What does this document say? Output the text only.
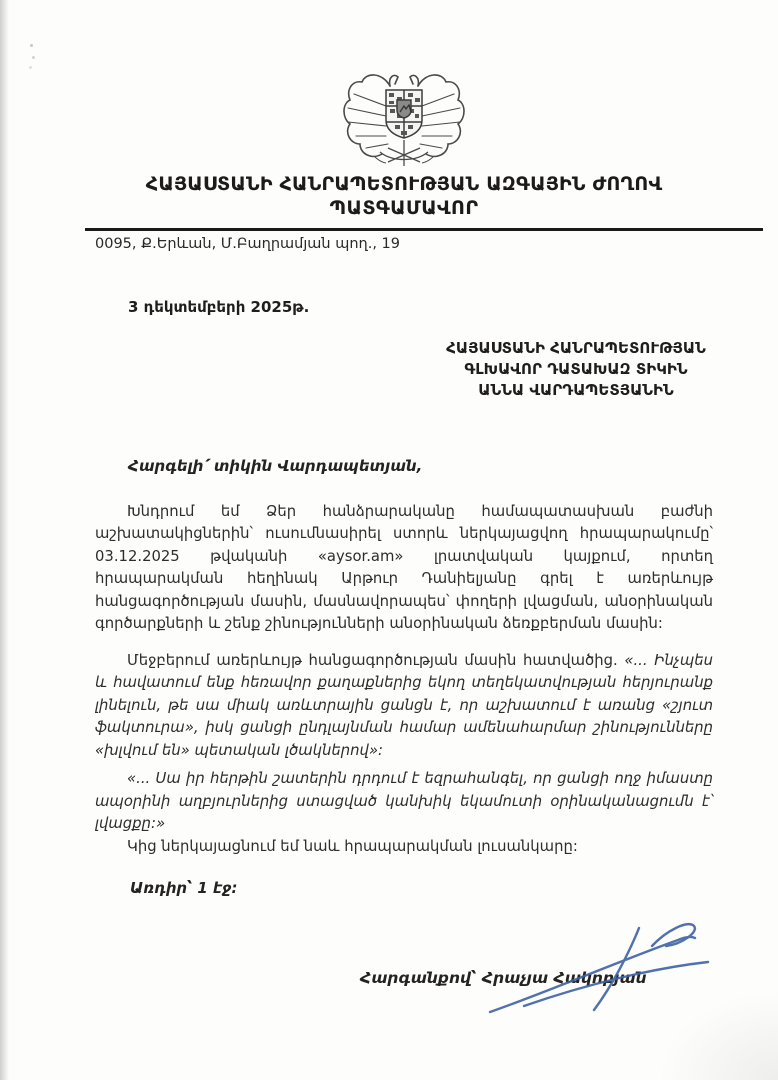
ՀԱՅԱՍՏԱՆԻ ՀԱՆՐԱՊԵՏՈՒԹՅԱՆ ԱԶԳԱՅԻՆ ԺՈՂՈՎ
ՊԱՏԳԱՄԱՎՈՐ
0095, Ք.Երևան, Մ.Բաղրամյան պող., 19
3 դեկտեմբերի 2025թ.
ՀԱՅԱՍՏԱՆԻ ՀԱՆՐԱՊԵՏՈՒԹՅԱՆ
ԳԼԽԱՎՈՐ ԴԱՏԱԽԱԶ ՏԻԿԻՆ
ԱՆՆԱ ՎԱՐԴԱՊԵՏՅԱՆԻՆ
Հարգելի՛ տիկին Վարդապետյան,

Խնդրում եմ Ձեր հանձրարականը համապատասխան բաժնի աշխատակիցներին՝ ուսումնասիրել ստորև ներկայացվող հրապարակումը՝ 03.12.2025 թվականի «aysor.am» լրատվական կայքում, որտեղ հրապարակման հեղինակ Արթուր Դանիելյանը գրել է առերևույթ հանցագործության մասին, մասնավորապես՝ փողերի լվացման, անօրինական գործարքների և շենք շինությունների անօրինական ձեռքբերման մասին:

Մեջբերում առերևույթ հանցագործության մասին հատվածից. «... Ինչպես և հավատում ենք հեռավոր քաղաքներից եկող տեղեկատվության հերյուրանք լինելուն, թե սա միակ առևտրային ցանցն է, որ աշխատում է առանց «շյուտ ֆակտուրա», իսկ ցանցի ընդլայնման համար ամենահարմար շինությունները «խլվում են» պետական լծակներով»:

«... Սա իր հերթին շատերին դրդում է եզրահանգել, որ ցանցի ողջ իմաստը ապօրինի աղբյուրներից ստացված կանխիկ եկամուտի օրինականացումն է՝ լվացքը:»

Կից ներկայացնում եմ նաև հրապարակման լուսանկարը:

Առդիր՝ 1 էջ:
Հարգանքով՝ Հրաչյա Հակոբյան
